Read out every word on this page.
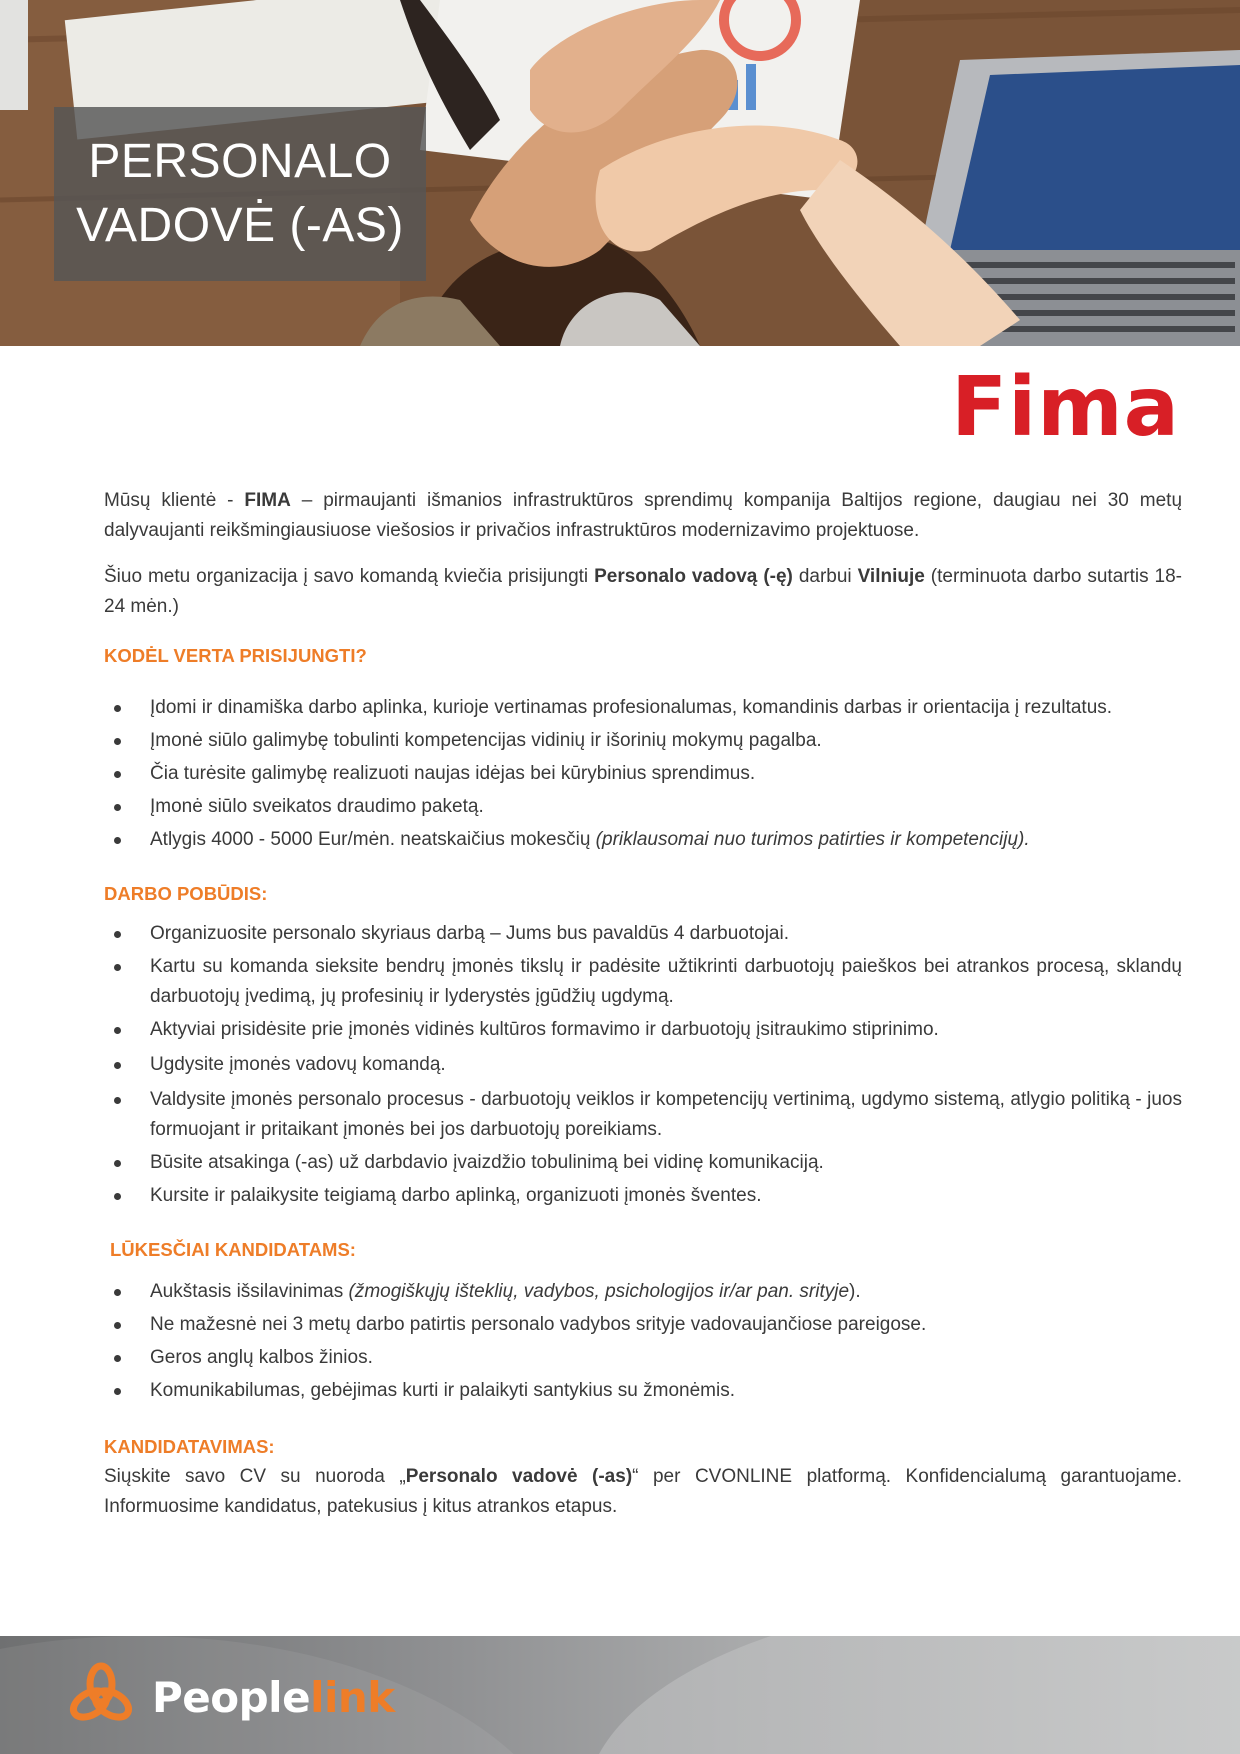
PERSONALO
VADOVĖ (-AS)
Fima

Mūsų klientė - FIMA – pirmaujanti išmanios infrastruktūros sprendimų kompanija Baltijos regione, daugiau nei 30 metų dalyvaujanti reikšmingiausiuose viešosios ir privačios infrastruktūros modernizavimo projektuose.

Šiuo metu organizacija į savo komandą kviečia prisijungti Personalo vadovą (-ę) darbui Vilniuje (terminuota darbo sutartis 18-24 mėn.)

KODĖL VERTA PRISIJUNGTI?
Įdomi ir dinamiška darbo aplinka, kurioje vertinamas profesionalumas, komandinis darbas ir orientacija į rezultatus.
Įmonė siūlo galimybę tobulinti kompetencijas vidinių ir išorinių mokymų pagalba.
Čia turėsite galimybę realizuoti naujas idėjas bei kūrybinius sprendimus.
Įmonė siūlo sveikatos draudimo paketą.
Atlygis 4000 - 5000 Eur/mėn. neatskaičius mokesčių (priklausomai nuo turimos patirties ir kompetencijų).
DARBO POBŪDIS:
Organizuosite personalo skyriaus darbą – Jums bus pavaldūs 4 darbuotojai.
Kartu su komanda sieksite bendrų įmonės tikslų ir padėsite užtikrinti darbuotojų paieškos bei atrankos procesą, sklandų darbuotojų įvedimą, jų profesinių ir lyderystės įgūdžių ugdymą.
Aktyviai prisidėsite prie įmonės vidinės kultūros formavimo ir darbuotojų įsitraukimo stiprinimo.
Ugdysite įmonės vadovų komandą.
Valdysite įmonės personalo procesus - darbuotojų veiklos ir kompetencijų vertinimą, ugdymo sistemą, atlygio politiką - juos formuojant ir pritaikant įmonės bei jos darbuotojų poreikiams.
Būsite atsakinga (-as) už darbdavio įvaizdžio tobulinimą bei vidinę komunikaciją.
Kursite ir palaikysite teigiamą darbo aplinką, organizuoti įmonės šventes.
LŪKESČIAI KANDIDATAMS:
Aukštasis išsilavinimas (žmogiškųjų išteklių, vadybos, psichologijos ir/ar pan. srityje).
Ne mažesnė nei 3 metų darbo patirtis personalo vadybos srityje vadovaujančiose pareigose.
Geros anglų kalbos žinios.
Komunikabilumas, gebėjimas kurti ir palaikyti santykius su žmonėmis.
KANDIDATAVIMAS:

Siųskite savo CV su nuoroda „Personalo vadovė (-as)“ per CVONLINE platformą. Konfidencialumą garantuojame. Informuosime kandidatus, patekusius į kitus atrankos etapus.

Peoplelink
